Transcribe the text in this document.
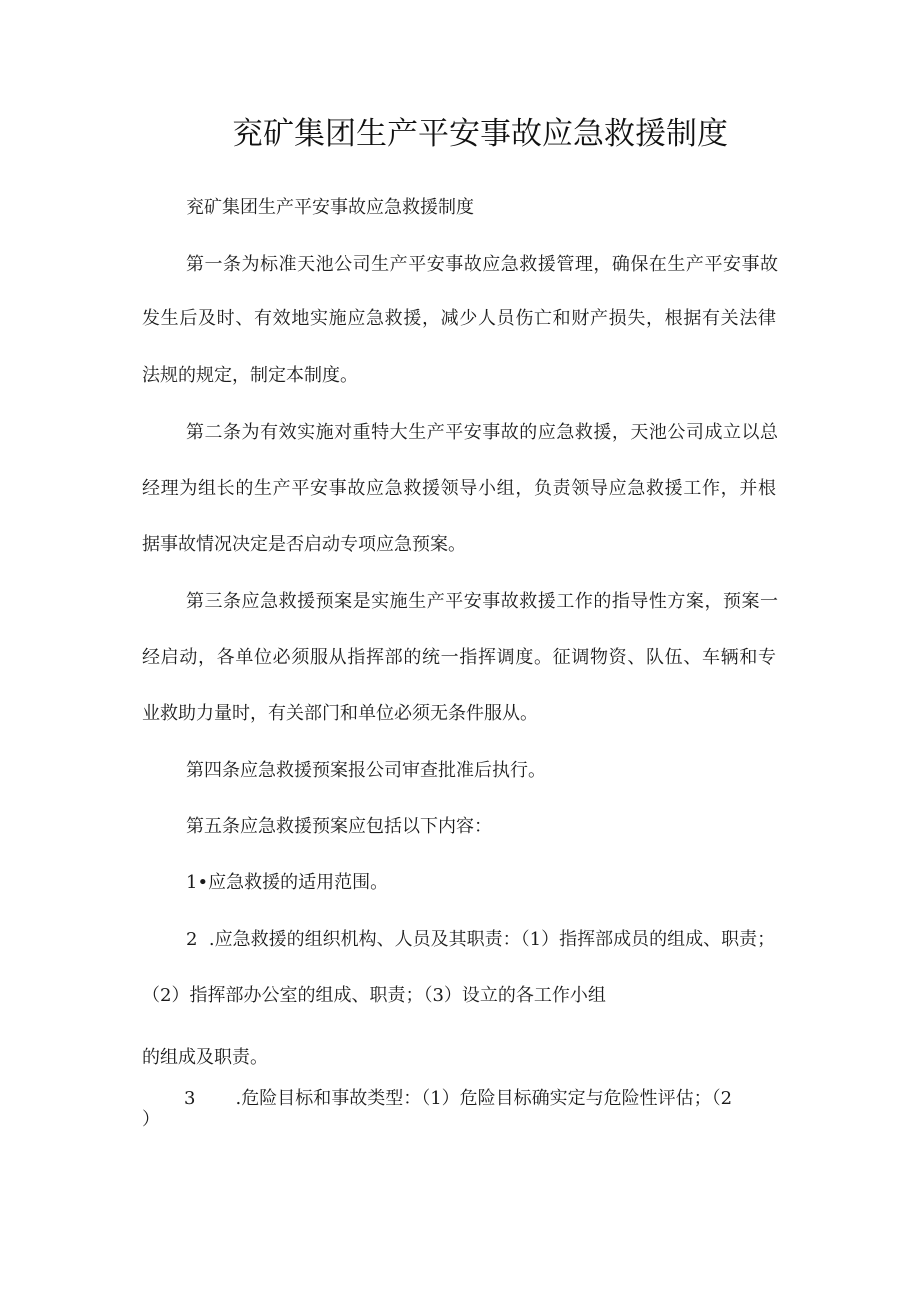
兖矿集团生产平安事故应急救援制度
兖矿集团生产平安事故应急救援制度
第一条为标准天池公司生产平安事故应急救援管理，确保在生产平安事故
发生后及时、有效地实施应急救援，减少人员伤亡和财产损失，根据有关法律
法规的规定，制定本制度。
第二条为有效实施对重特大生产平安事故的应急救援，天池公司成立以总
经理为组长的生产平安事故应急救援领导小组，负责领导应急救援工作，并根
据事故情况决定是否启动专项应急预案。
第三条应急救援预案是实施生产平安事故救援工作的指导性方案，预案一
经启动，各单位必须服从指挥部的统一指挥调度。征调物资、队伍、车辆和专
业救助力量时，有关部门和单位必须无条件服从。
第四条应急救援预案报公司审查批准后执行。
第五条应急救援预案应包括以下内容：
1•应急救援的适用范围。
2  .应急救援的组织机构、人员及其职责：（1）指挥部成员的组成、职责；
（2）指挥部办公室的组成、职责；（3）设立的各工作小组
的组成及职责。
3       .危险目标和事故类型：（1）危险目标确实定与危险性评估；（2
）
